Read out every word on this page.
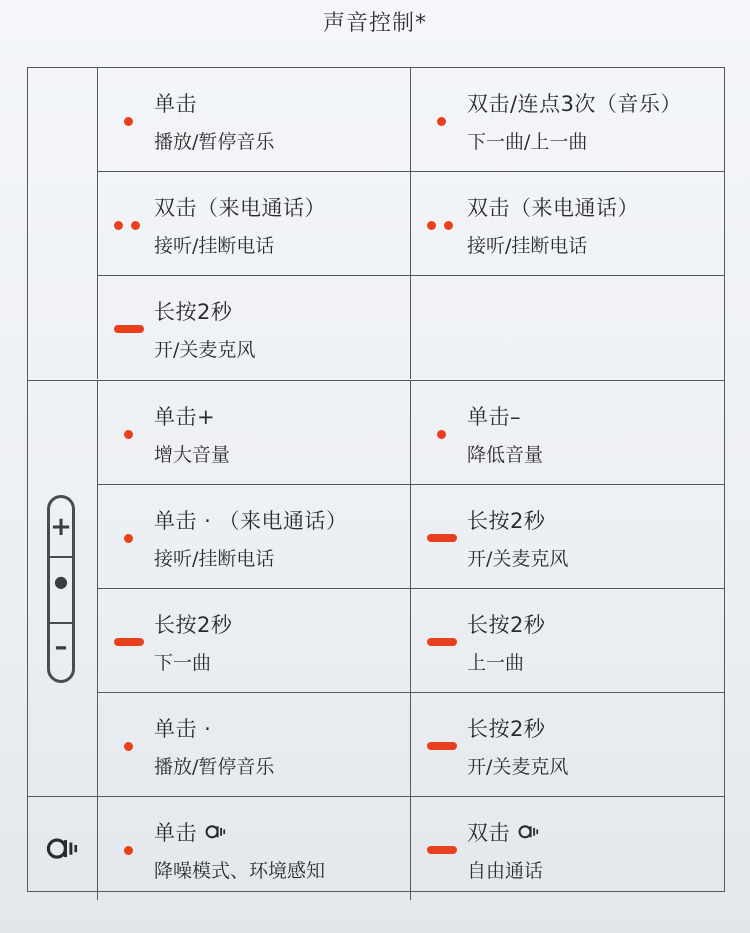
声音控制*
单击
播放/暂停音乐
双击/连点3次（音乐）
下一曲/上一曲
双击（来电通话）
接听/挂断电话
双击（来电通话）
接听/挂断电话
长按2秒
开/关麦克风
+
●
–
单击+
增大音量
单击–
降低音量
单击 · （来电通话）
接听/挂断电话
长按2秒
开/关麦克风
长按2秒
下一曲
长按2秒
上一曲
单击 ·
播放/暂停音乐
长按2秒
开/关麦克风
单击
降噪模式、环境感知
双击
自由通话
